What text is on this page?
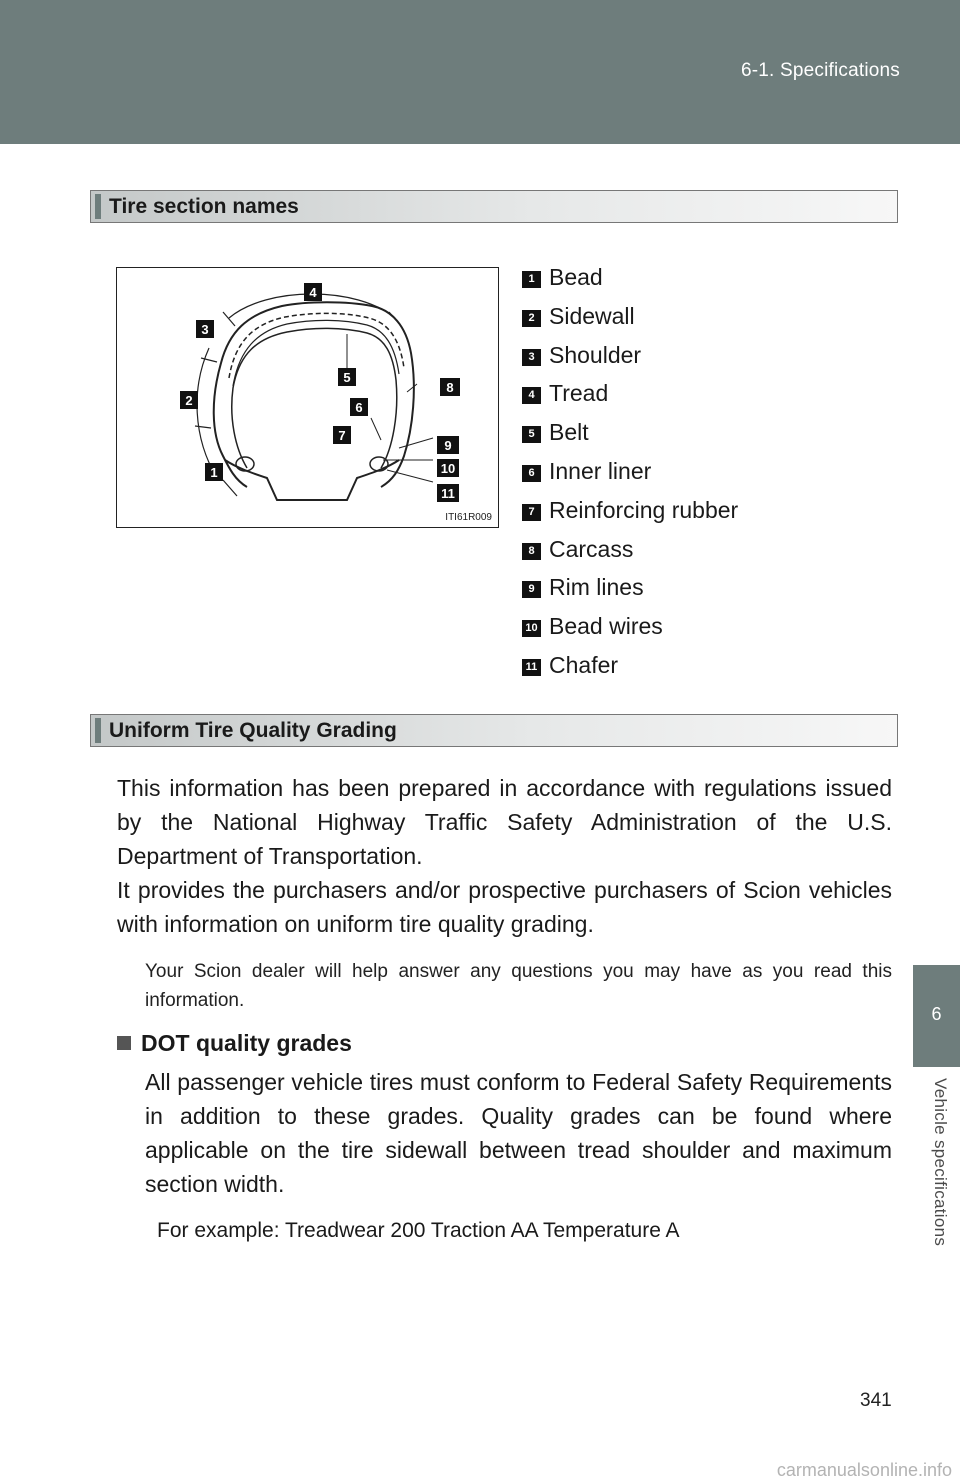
6-1. Specifications
6
Vehicle specifications
Tire section names
1
2
3
4
5
6
7
8
9
10
11
ITI61R009
1 Bead
2 Sidewall
3 Shoulder
4 Tread
5 Belt
6 Inner liner
7 Reinforcing rubber
8 Carcass
9 Rim lines
10 Bead wires
11 Chafer
Uniform Tire Quality Grading

This information has been prepared in accordance with regulations issued by the National Highway Traffic Safety Administration of the U.S. Department of Transportation.

It provides the purchasers and/or prospective purchasers of Scion vehicles with information on uniform tire quality grading.

Your Scion dealer will help answer any questions you may have as you read this information.

DOT quality grades

All passenger vehicle tires must conform to Federal Safety Requirements in addition to these grades. Quality grades can be found where applicable on the tire sidewall between tread shoulder and maximum section width.

For example: Treadwear 200 Traction AA Temperature A
341
carmanualsonline.info
